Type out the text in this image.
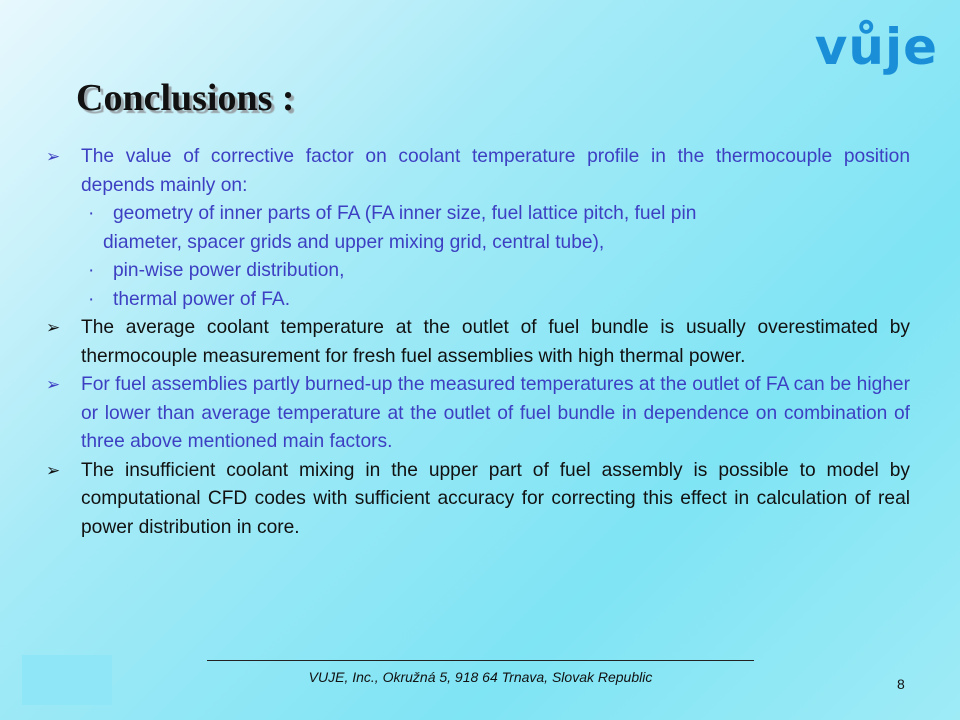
vůje
Conclusions :
➢ The value of corrective factor on coolant temperature profile in the thermocouple position depends mainly on:
· geometry of inner parts of FA (FA inner size, fuel lattice pitch, fuel pin
diameter, spacer grids and upper mixing grid, central tube),
· pin-wise power distribution,
· thermal power of FA.
➢ The average coolant temperature at the outlet of fuel bundle is usually overestimated by thermocouple measurement for fresh fuel assemblies with high thermal power.
➢ For fuel assemblies partly burned-up the measured temperatures at the outlet of FA can be higher or lower than average temperature at the outlet of fuel bundle in dependence on combination of three above mentioned main factors.
➢ The insufficient coolant mixing in the upper part of fuel assembly is possible to model by computational CFD codes with sufficient accuracy for correcting this effect in calculation of real power distribution in core.
VUJE, Inc., Okružná 5, 918 64 Trnava, Slovak Republic	8
